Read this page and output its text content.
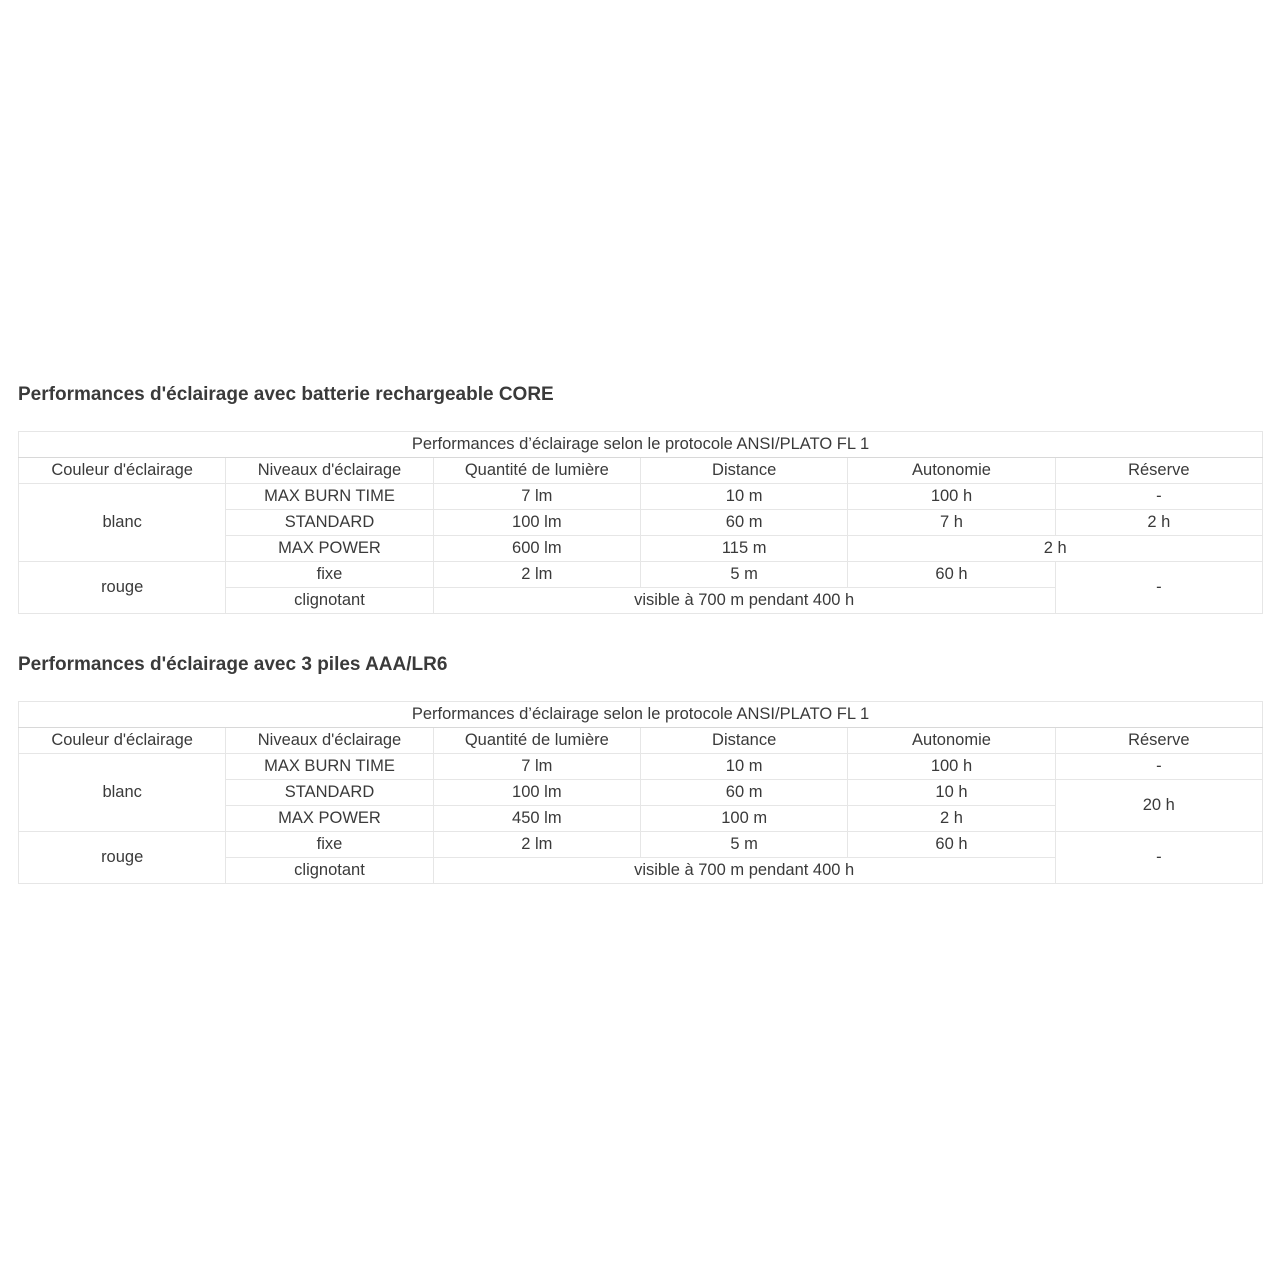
Performances d'éclairage avec batterie rechargeable CORE
Performances d’éclairage selon le protocole ANSI/PLATO FL 1					
Couleur d'éclairage	Niveaux d'éclairage	Quantité de lumière	Distance	Autonomie	Réserve
blanc	MAX BURN TIME	7 lm	10 m	100 h	-
	STANDARD	100 lm	60 m	7 h	2 h
	MAX POWER	600 lm	115 m	2 h	
rouge	fixe	2 lm	5 m	60 h	-
	clignotant	visible à 700 m pendant 400 h			
Performances d'éclairage avec 3 piles AAA/LR6
Performances d’éclairage selon le protocole ANSI/PLATO FL 1					
Couleur d'éclairage	Niveaux d'éclairage	Quantité de lumière	Distance	Autonomie	Réserve
blanc	MAX BURN TIME	7 lm	10 m	100 h	-
	STANDARD	100 lm	60 m	10 h	20 h
	MAX POWER	450 lm	100 m	2 h	
rouge	fixe	2 lm	5 m	60 h	-
	clignotant	visible à 700 m pendant 400 h			
